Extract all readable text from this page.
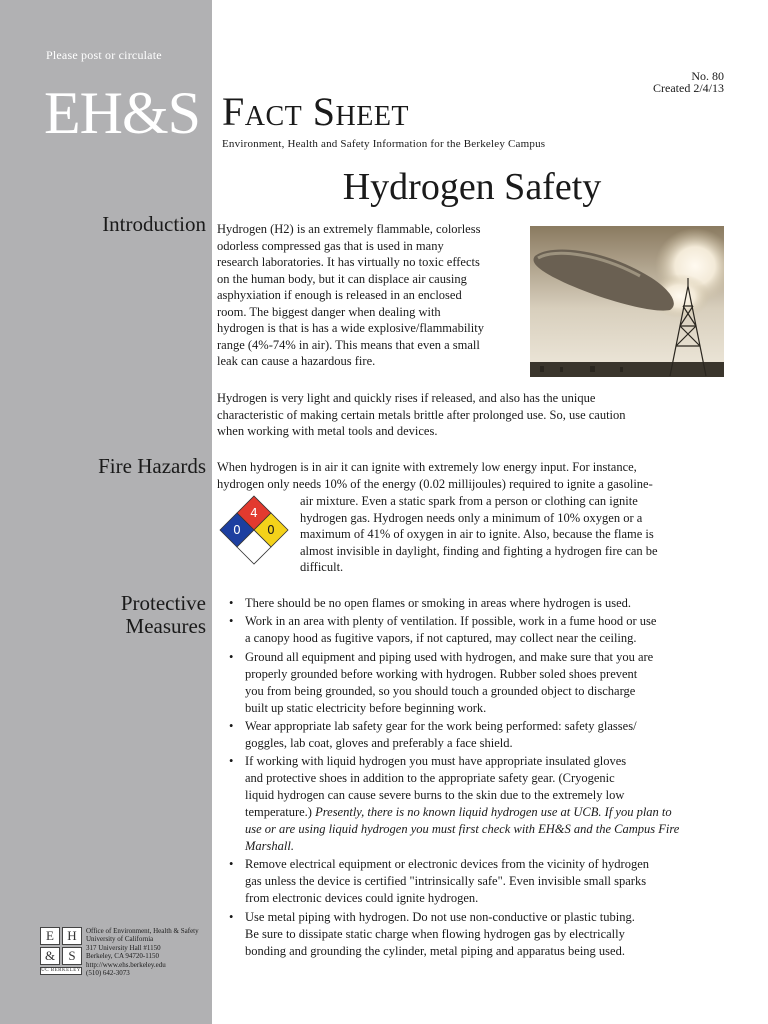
Please post or circulate
EH&S Fact Sheet
Environment, Health and Safety Information for the Berkeley Campus
No. 80
Created 2/4/13
Hydrogen Safety
Introduction Hydrogen (H2) is an extremely flammable, colorless
odorless compressed gas that is used in many
research laboratories. It has virtually no toxic effects
on the human body, but it can displace air causing
asphyxiation if enough is released in an enclosed
room. The biggest danger when dealing with
hydrogen is that is has a wide explosive/flammability
range (4%-74% in air). This means that even a small
leak can cause a hazardous fire.
Hydrogen is very light and quickly rises if released, and also has the unique
characteristic of making certain metals brittle after prolonged use. So, use caution
when working with metal tools and devices.
Fire Hazards When hydrogen is in air it can ignite with extremely low energy input. For instance,
hydrogen only needs 10% of the energy (0.02 millijoules) required to ignite a gasoline-
air mixture. Even a static spark from a person or clothing can ignite
hydrogen gas. Hydrogen needs only a minimum of 10% oxygen or a
maximum of 41% of oxygen in air to ignite. Also, because the flame is
almost invisible in daylight, finding and fighting a hydrogen fire can be
difficult.
4
0 0
Protective
Measures
• There should be no open flames or smoking in areas where hydrogen is used.
• Work in an area with plenty of ventilation. If possible, work in a fume hood or use
a canopy hood as fugitive vapors, if not captured, may collect near the ceiling.
• Ground all equipment and piping used with hydrogen, and make sure that you are
properly grounded before working with hydrogen. Rubber soled shoes prevent
you from being grounded, so you should touch a grounded object to discharge
built up static electricity before beginning work.
• Wear appropriate lab safety gear for the work being performed: safety glasses/
goggles, lab coat, gloves and preferably a face shield.
• If working with liquid hydrogen you must have appropriate insulated gloves
and protective shoes in addition to the appropriate safety gear. (Cryogenic
liquid hydrogen can cause severe burns to the skin due to the extremely low
temperature.) Presently, there is no known liquid hydrogen use at UCB. If you plan to
use or are using liquid hydrogen you must first check with EH&S and the Campus Fire
Marshall.
• Remove electrical equipment or electronic devices from the vicinity of hydrogen
gas unless the device is certified "intrinsically safe". Even invisible small sparks
from electronic devices could ignite hydrogen.
• Use metal piping with hydrogen. Do not use non-conductive or plastic tubing.
Be sure to dissipate static charge when flowing hydrogen gas by electrically
bonding and grounding the cylinder, metal piping and apparatus being used.
E	H
&	S
UC BERKELEY
Office of Environment, Health & Safety
University of California
317 University Hall #1150
Berkeley, CA 94720-1150
http://www.ehs.berkeley.edu
(510) 642-3073
